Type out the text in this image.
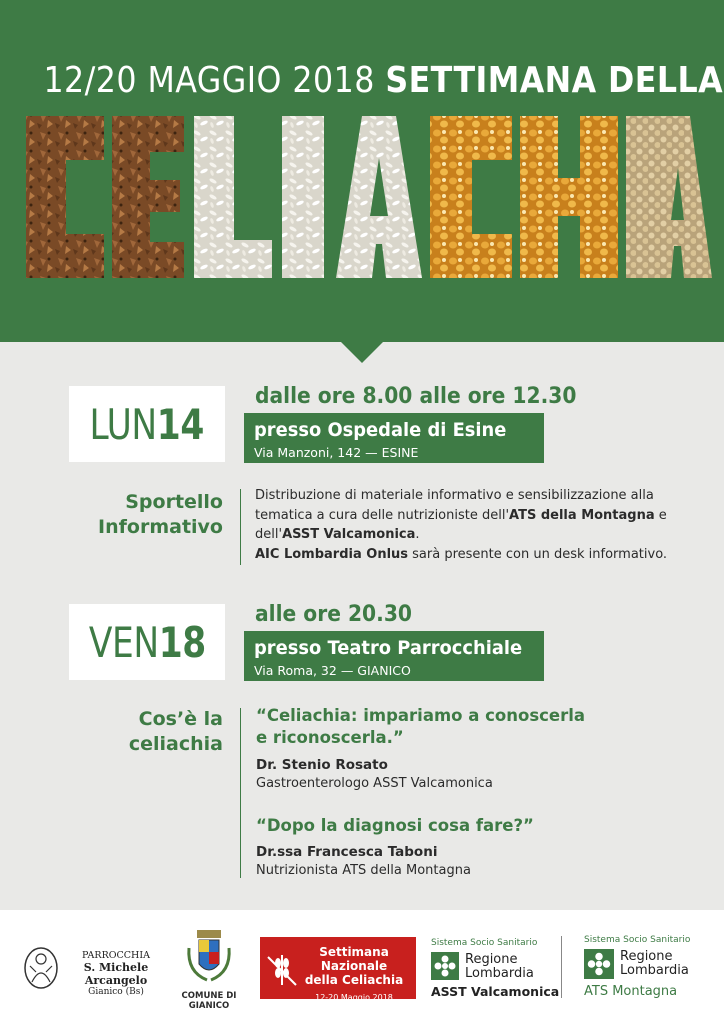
12/20 MAGGIO 2018 SETTIMANA DELLA
CELIACHIA
LUN14
dalle ore 8.00 alle ore 12.30
presso Ospedale di Esine
Via Manzoni, 142 — ESINE
Sportello
Informativo
Distribuzione di materiale informativo e sensibilizzazione alla
tematica a cura delle nutrizioniste dell'ATS della Montagna e
dell'ASST Valcamonica.
AIC Lombardia Onlus sarà presente con un desk informativo.
VEN18
alle ore 20.30
presso Teatro Parrocchiale
Via Roma, 32 — GIANICO
Cos’è la
celiachia
“Celiachia: impariamo a conoscerla
e riconoscerla.”
Dr. Stenio Rosato
Gastroenterologo ASST Valcamonica
“Dopo la diagnosi cosa fare?”
Dr.ssa Francesca Taboni
Nutrizionista ATS della Montagna
PARROCCHIA
S. Michele Arcangelo
Gianico (Bs)	COMUNE DI
GIANICO
Settimana Nazionale
della Celiachia
12-20 Maggio 2018
Sistema Socio Sanitario
Regione
Lombardia
ASST Valcamonica
Sistema Socio Sanitario
Regione
Lombardia
ATS Montagna
